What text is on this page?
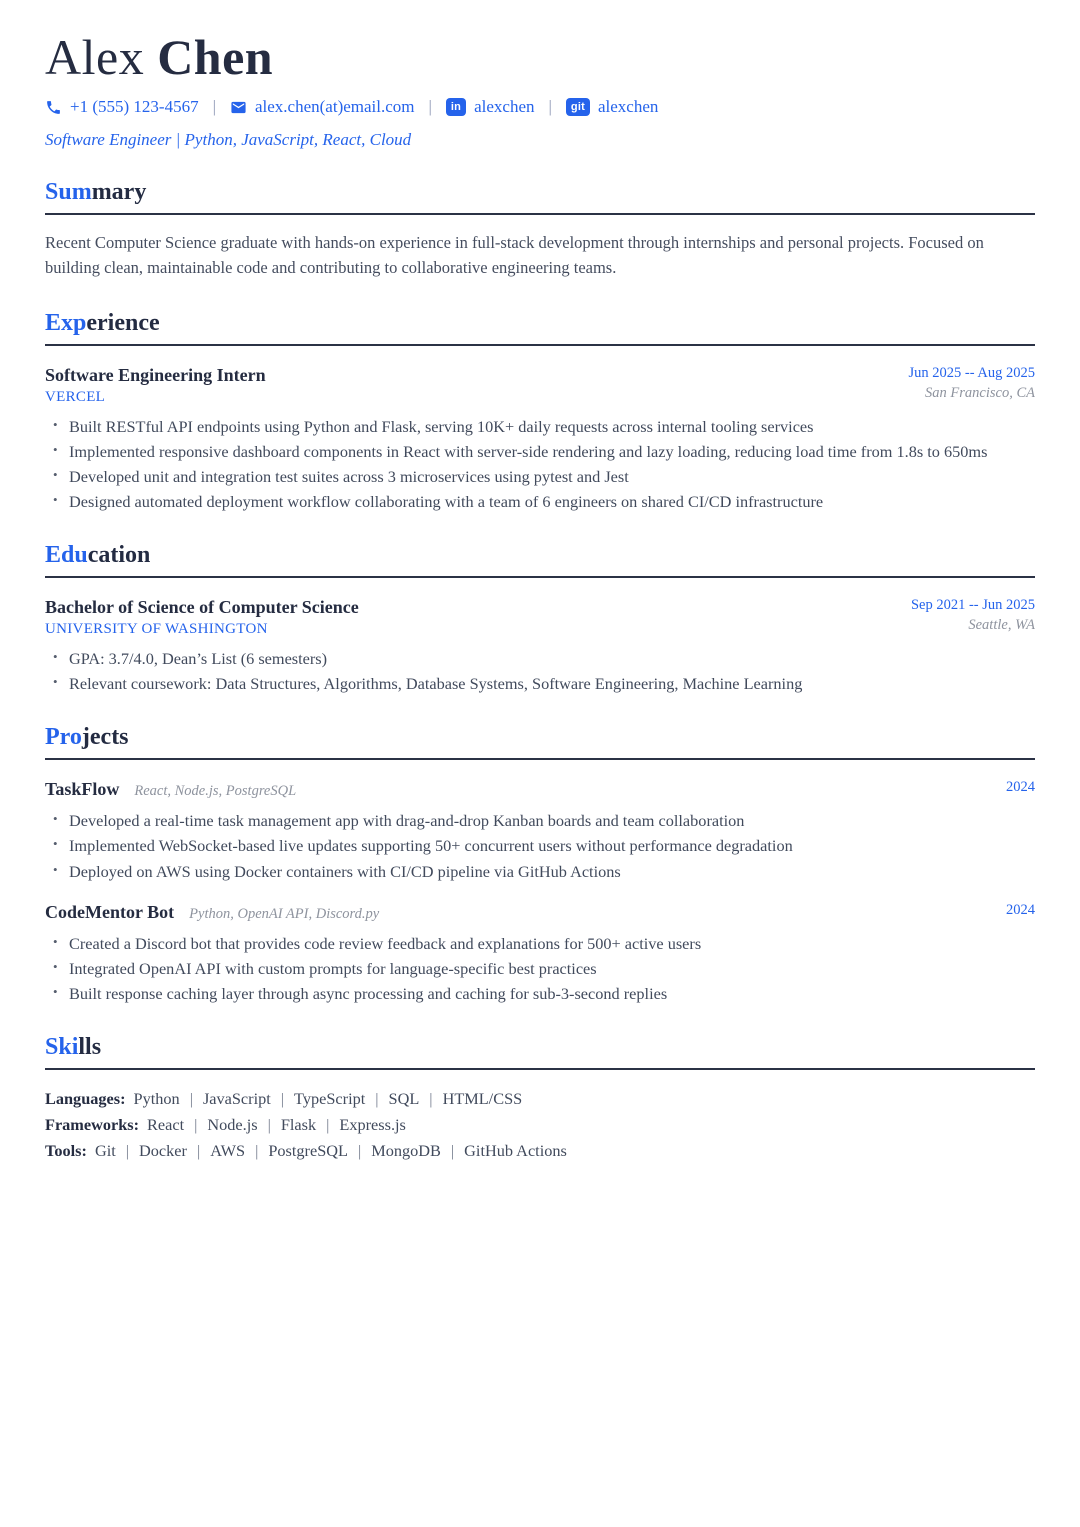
Alex Chen
+1 (555) 123-4567 | alex.chen(at)email.com |	in alexchen |	git alexchen
Software Engineer | Python, JavaScript, React, Cloud
Summary

Recent Computer Science graduate with hands-on experience in full-stack development through internships and personal projects. Focused on building clean, maintainable code and contributing to collaborative engineering teams.

Experience
Software Engineering Intern
VERCEL
Jun 2025 -- Aug 2025
San Francisco, CA
• Built RESTful API endpoints using Python and Flask, serving 10K+ daily requests across internal tooling services
• Implemented responsive dashboard components in React with server-side rendering and lazy loading, reducing load time from 1.8s to 650ms
• Developed unit and integration test suites across 3 microservices using pytest and Jest
• Designed automated deployment workflow collaborating with a team of 6 engineers on shared CI/CD infrastructure
Education
Bachelor of Science of Computer Science
UNIVERSITY OF WASHINGTON
Sep 2021 -- Jun 2025
Seattle, WA
• GPA: 3.7/4.0, Dean’s List (6 semesters)
• Relevant coursework: Data Structures, Algorithms, Database Systems, Software Engineering, Machine Learning
Projects
TaskFlow React, Node.js, PostgreSQL	2024
• Developed a real-time task management app with drag-and-drop Kanban boards and team collaboration
• Implemented WebSocket-based live updates supporting 50+ concurrent users without performance degradation
• Deployed on AWS using Docker containers with CI/CD pipeline via GitHub Actions
CodeMentor Bot Python, OpenAI API, Discord.py	2024
• Created a Discord bot that provides code review feedback and explanations for 500+ active users
• Integrated OpenAI API with custom prompts for language-specific best practices
• Built response caching layer through async processing and caching for sub-3-second replies
Skills
Languages: Python | JavaScript | TypeScript | SQL | HTML/CSS
Frameworks: React | Node.js | Flask | Express.js
Tools: Git | Docker | AWS | PostgreSQL | MongoDB | GitHub Actions
